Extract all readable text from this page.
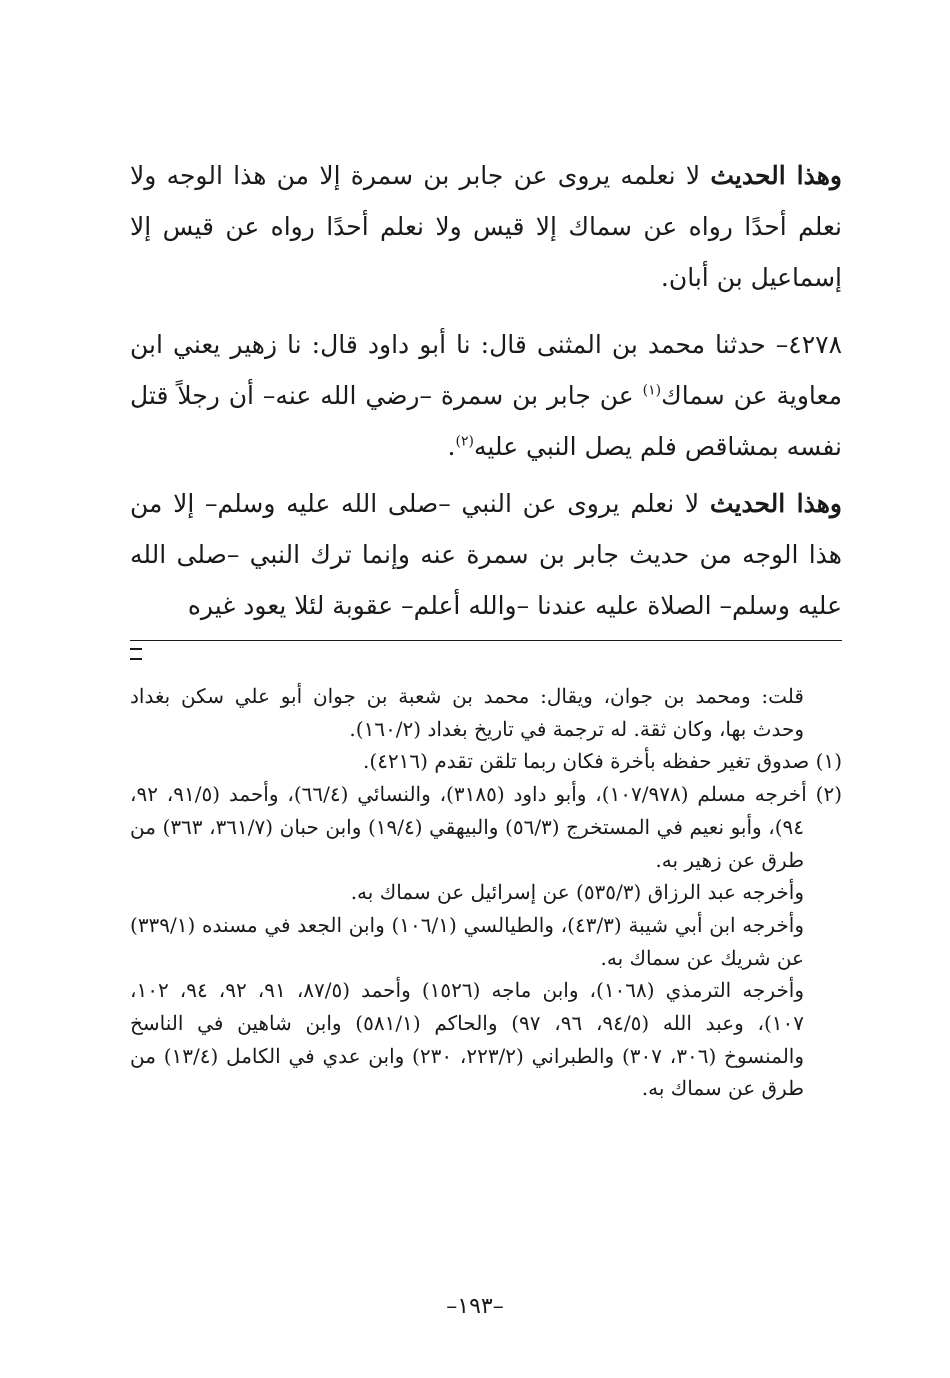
وهذا الحديث لا نعلمه يروى عن جابر بن سمرة إلا من هذا الوجه ولا نعلم أحدًا رواه عن سماك إلا قيس ولا نعلم أحدًا رواه عن قيس إلا إسماعيل بن أبان.

٤٢٧٨– حدثنا محمد بن المثنى قال: نا أبو داود قال: نا زهير يعني ابن معاوية عن سماك$^{(١)}$ عن جابر بن سمرة –رضي الله عنه– أن رجلاً قتل نفسه بمشاقص فلم يصل النبي عليه$^{(٢)}$.

وهذا الحديث لا نعلم يروى عن النبي –صلى الله عليه وسلم– إلا من هذا الوجه من حديث جابر بن سمرة عنه وإنما ترك النبي –صلى الله عليه وسلم– الصلاة عليه عندنا –والله أعلم– عقوبة لئلا يعود غيره

قلت: ومحمد بن جوان، ويقال: محمد بن شعبة بن جوان أبو علي سكن بغداد وحدث بها، وكان ثقة. له ترجمة في تاريخ بغداد (١٦٠/٢).

(١) صدوق تغير حفظه بأخرة فكان ربما تلقن تقدم (٤٢١٦).

(٢) أخرجه مسلم (١٠٧/٩٧٨)، وأبو داود (٣١٨٥)، والنسائي (٦٦/٤)، وأحمد (٩١/٥، ٩٢، ٩٤)، وأبو نعيم في المستخرج (٥٦/٣) والبيهقي (١٩/٤) وابن حبان (٣٦١/٧، ٣٦٣) من طرق عن زهير به.

وأخرجه عبد الرزاق (٥٣٥/٣) عن إسرائيل عن سماك به.

وأخرجه ابن أبي شيبة (٤٣/٣)، والطيالسي (١٠٦/١) وابن الجعد في مسنده (٣٣٩/١) عن شريك عن سماك به.

وأخرجه الترمذي (١٠٦٨)، وابن ماجه (١٥٢٦) وأحمد (٨٧/٥، ٩١، ٩٢، ٩٤، ١٠٢، ١٠٧)، وعبد الله (٩٤/٥، ٩٦، ٩٧) والحاكم (٥٨١/١) وابن شاهين في الناسخ والمنسوخ (٣٠٦، ٣٠٧) والطبراني (٢٢٣/٢، ٢٣٠) وابن عدي في الكامل (١٣/٤) من طرق عن سماك به.

–١٩٣–
